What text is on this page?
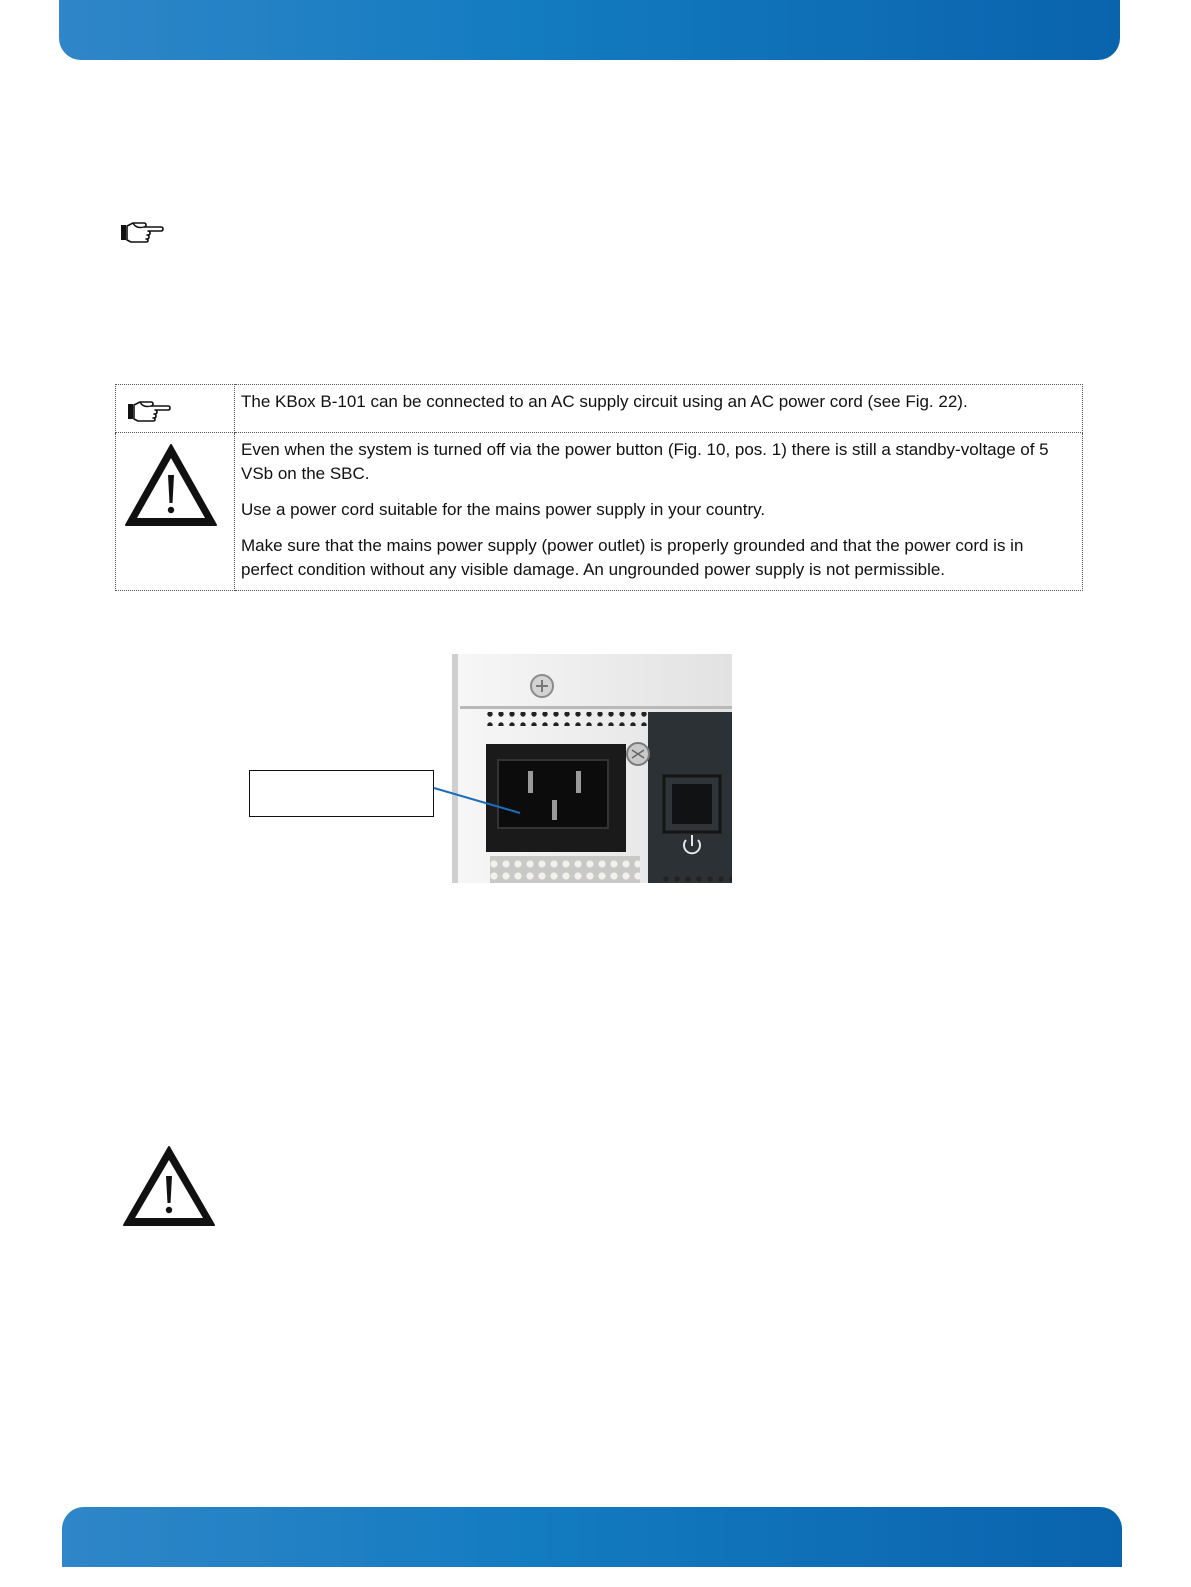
The KBox B-101 can be connected to an AC supply circuit using an AC power cord (see Fig. 22).

Even when the system is turned off via the power button (Fig. 10, pos. 1) there is still a standby-voltage of 5 VSb on the SBC.

Use a power cord suitable for the mains power supply in your country.

Make sure that the mains power supply (power outlet) is properly grounded and that the power cord is in perfect condition without any visible damage. An ungrounded power supply is not permissible.
